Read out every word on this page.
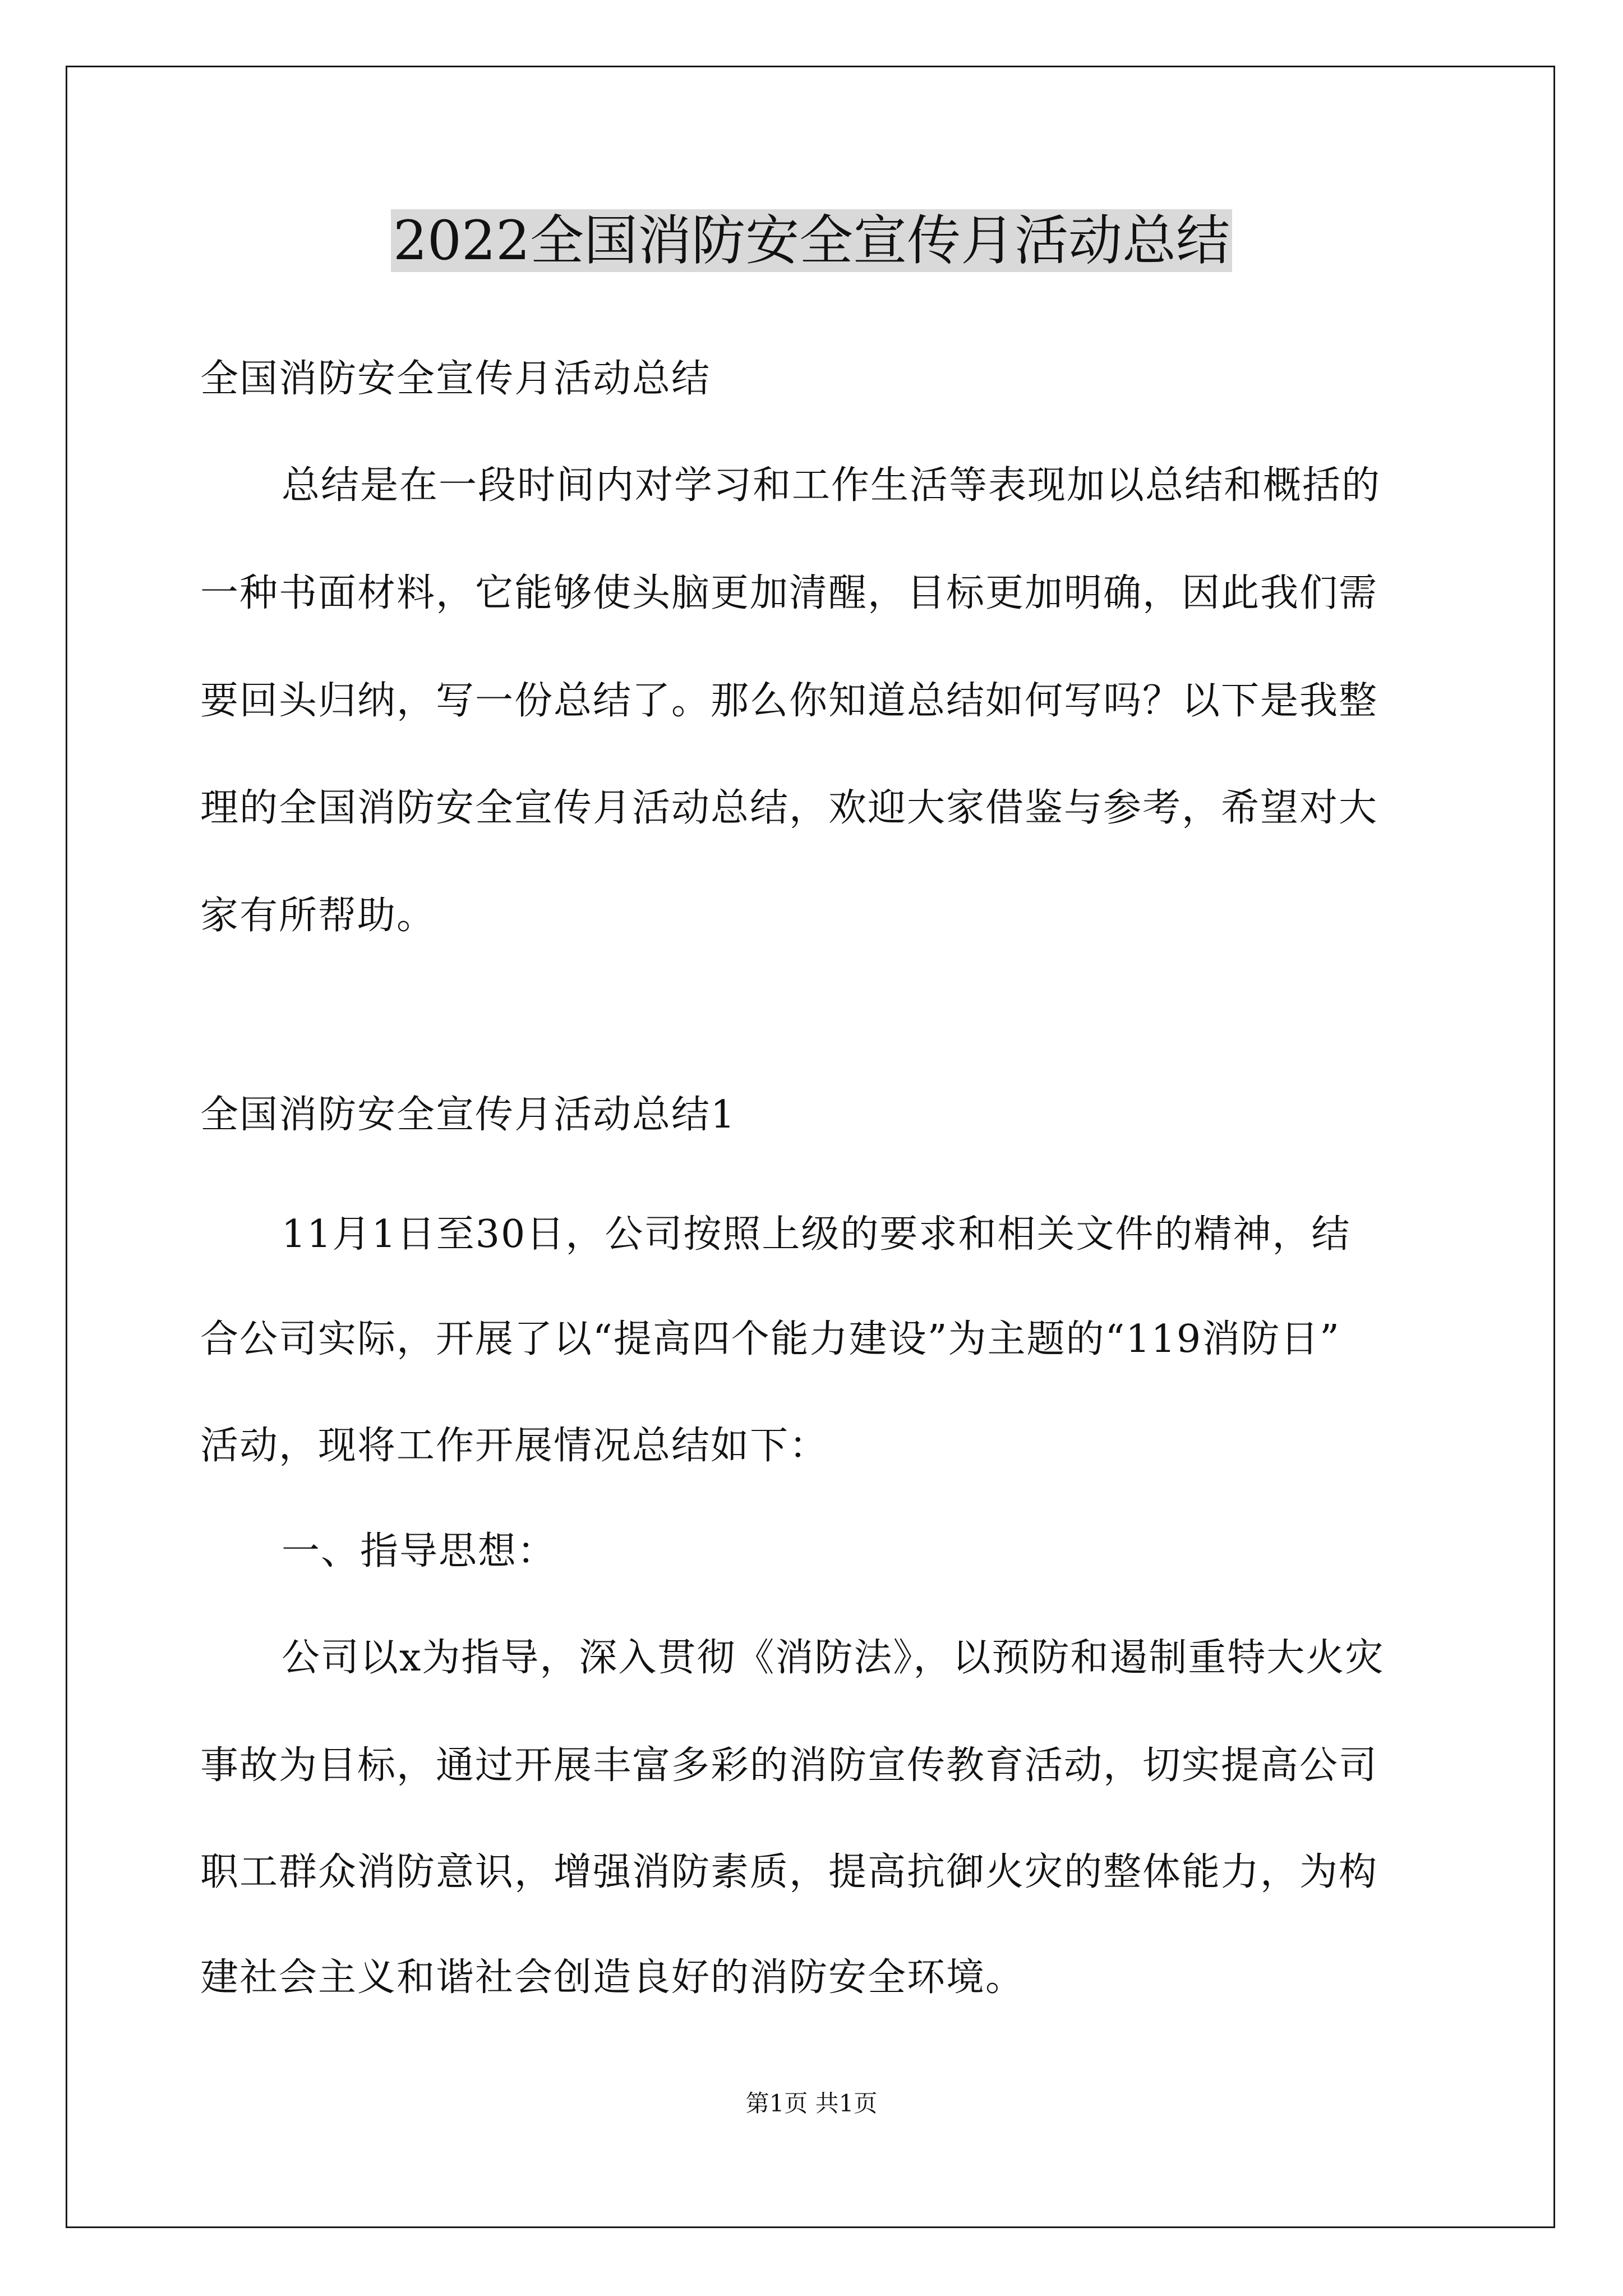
2022全国消防安全宣传月活动总结
全国消防安全宣传月活动总结
总结是在一段时间内对学习和工作生活等表现加以总结和概括的
一种书面材料，它能够使头脑更加清醒，目标更加明确，因此我们需
要回头归纳，写一份总结了。那么你知道总结如何写吗？以下是我整
理的全国消防安全宣传月活动总结，欢迎大家借鉴与参考，希望对大
家有所帮助。
全国消防安全宣传月活动总结1
11月1日至30日，公司按照上级的要求和相关文件的精神，结
合公司实际，开展了以“提高四个能力建设”为主题的“119消防日”
活动，现将工作开展情况总结如下：
一、指导思想：
公司以x为指导，深入贯彻《消防法》，以预防和遏制重特大火灾
事故为目标，通过开展丰富多彩的消防宣传教育活动，切实提高公司
职工群众消防意识，增强消防素质，提高抗御火灾的整体能力，为构
建社会主义和谐社会创造良好的消防安全环境。
第1页 共1页
